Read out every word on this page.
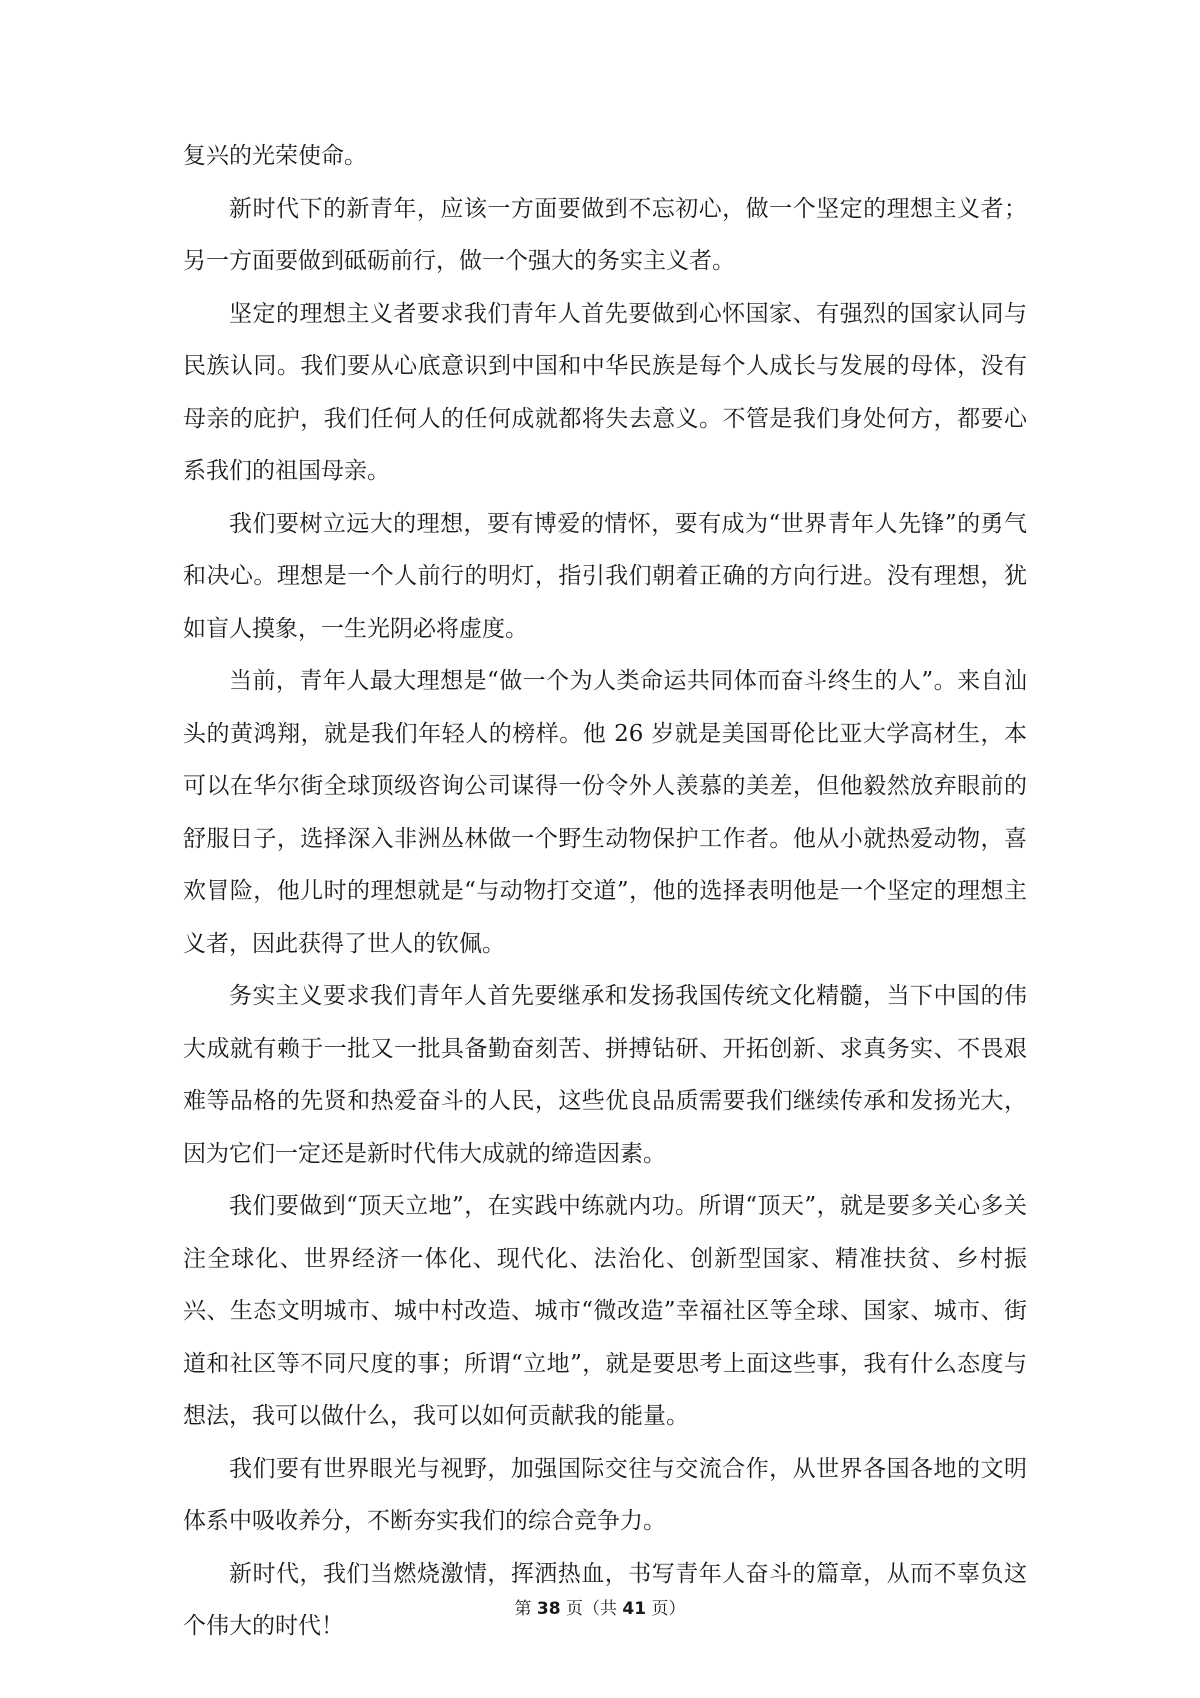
复兴的光荣使命。

新时代下的新青年，应该一方面要做到不忘初心，做一个坚定的理想主义者；另一方面要做到砥砺前行，做一个强大的务实主义者。

坚定的理想主义者要求我们青年人首先要做到心怀国家、有强烈的国家认同与民族认同。我们要从心底意识到中国和中华民族是每个人成长与发展的母体，没有母亲的庇护，我们任何人的任何成就都将失去意义。不管是我们身处何方，都要心系我们的祖国母亲。

我们要树立远大的理想，要有博爱的情怀，要有成为“世界青年人先锋”的勇气和决心。理想是一个人前行的明灯，指引我们朝着正确的方向行进。没有理想，犹如盲人摸象，一生光阴必将虚度。

当前，青年人最大理想是“做一个为人类命运共同体而奋斗终生的人”。来自汕头的黄鸿翔，就是我们年轻人的榜样。他 26 岁就是美国哥伦比亚大学高材生，本可以在华尔街全球顶级咨询公司谋得一份令外人羡慕的美差，但他毅然放弃眼前的舒服日子，选择深入非洲丛林做一个野生动物保护工作者。他从小就热爱动物，喜欢冒险，他儿时的理想就是“与动物打交道”，他的选择表明他是一个坚定的理想主义者，因此获得了世人的钦佩。

务实主义要求我们青年人首先要继承和发扬我国传统文化精髓，当下中国的伟大成就有赖于一批又一批具备勤奋刻苦、拼搏钻研、开拓创新、求真务实、不畏艰难等品格的先贤和热爱奋斗的人民，这些优良品质需要我们继续传承和发扬光大，因为它们一定还是新时代伟大成就的缔造因素。

我们要做到“顶天立地”，在实践中练就内功。所谓“顶天”，就是要多关心多关注全球化、世界经济一体化、现代化、法治化、创新型国家、精准扶贫、乡村振兴、生态文明城市、城中村改造、城市“微改造”幸福社区等全球、国家、城市、街道和社区等不同尺度的事；所谓“立地”，就是要思考上面这些事，我有什么态度与想法，我可以做什么，我可以如何贡献我的能量。

我们要有世界眼光与视野，加强国际交往与交流合作，从世界各国各地的文明体系中吸收养分，不断夯实我们的综合竞争力。

新时代，我们当燃烧激情，挥洒热血，书写青年人奋斗的篇章，从而不辜负这个伟大的时代！

第 38 页（共 41 页）
